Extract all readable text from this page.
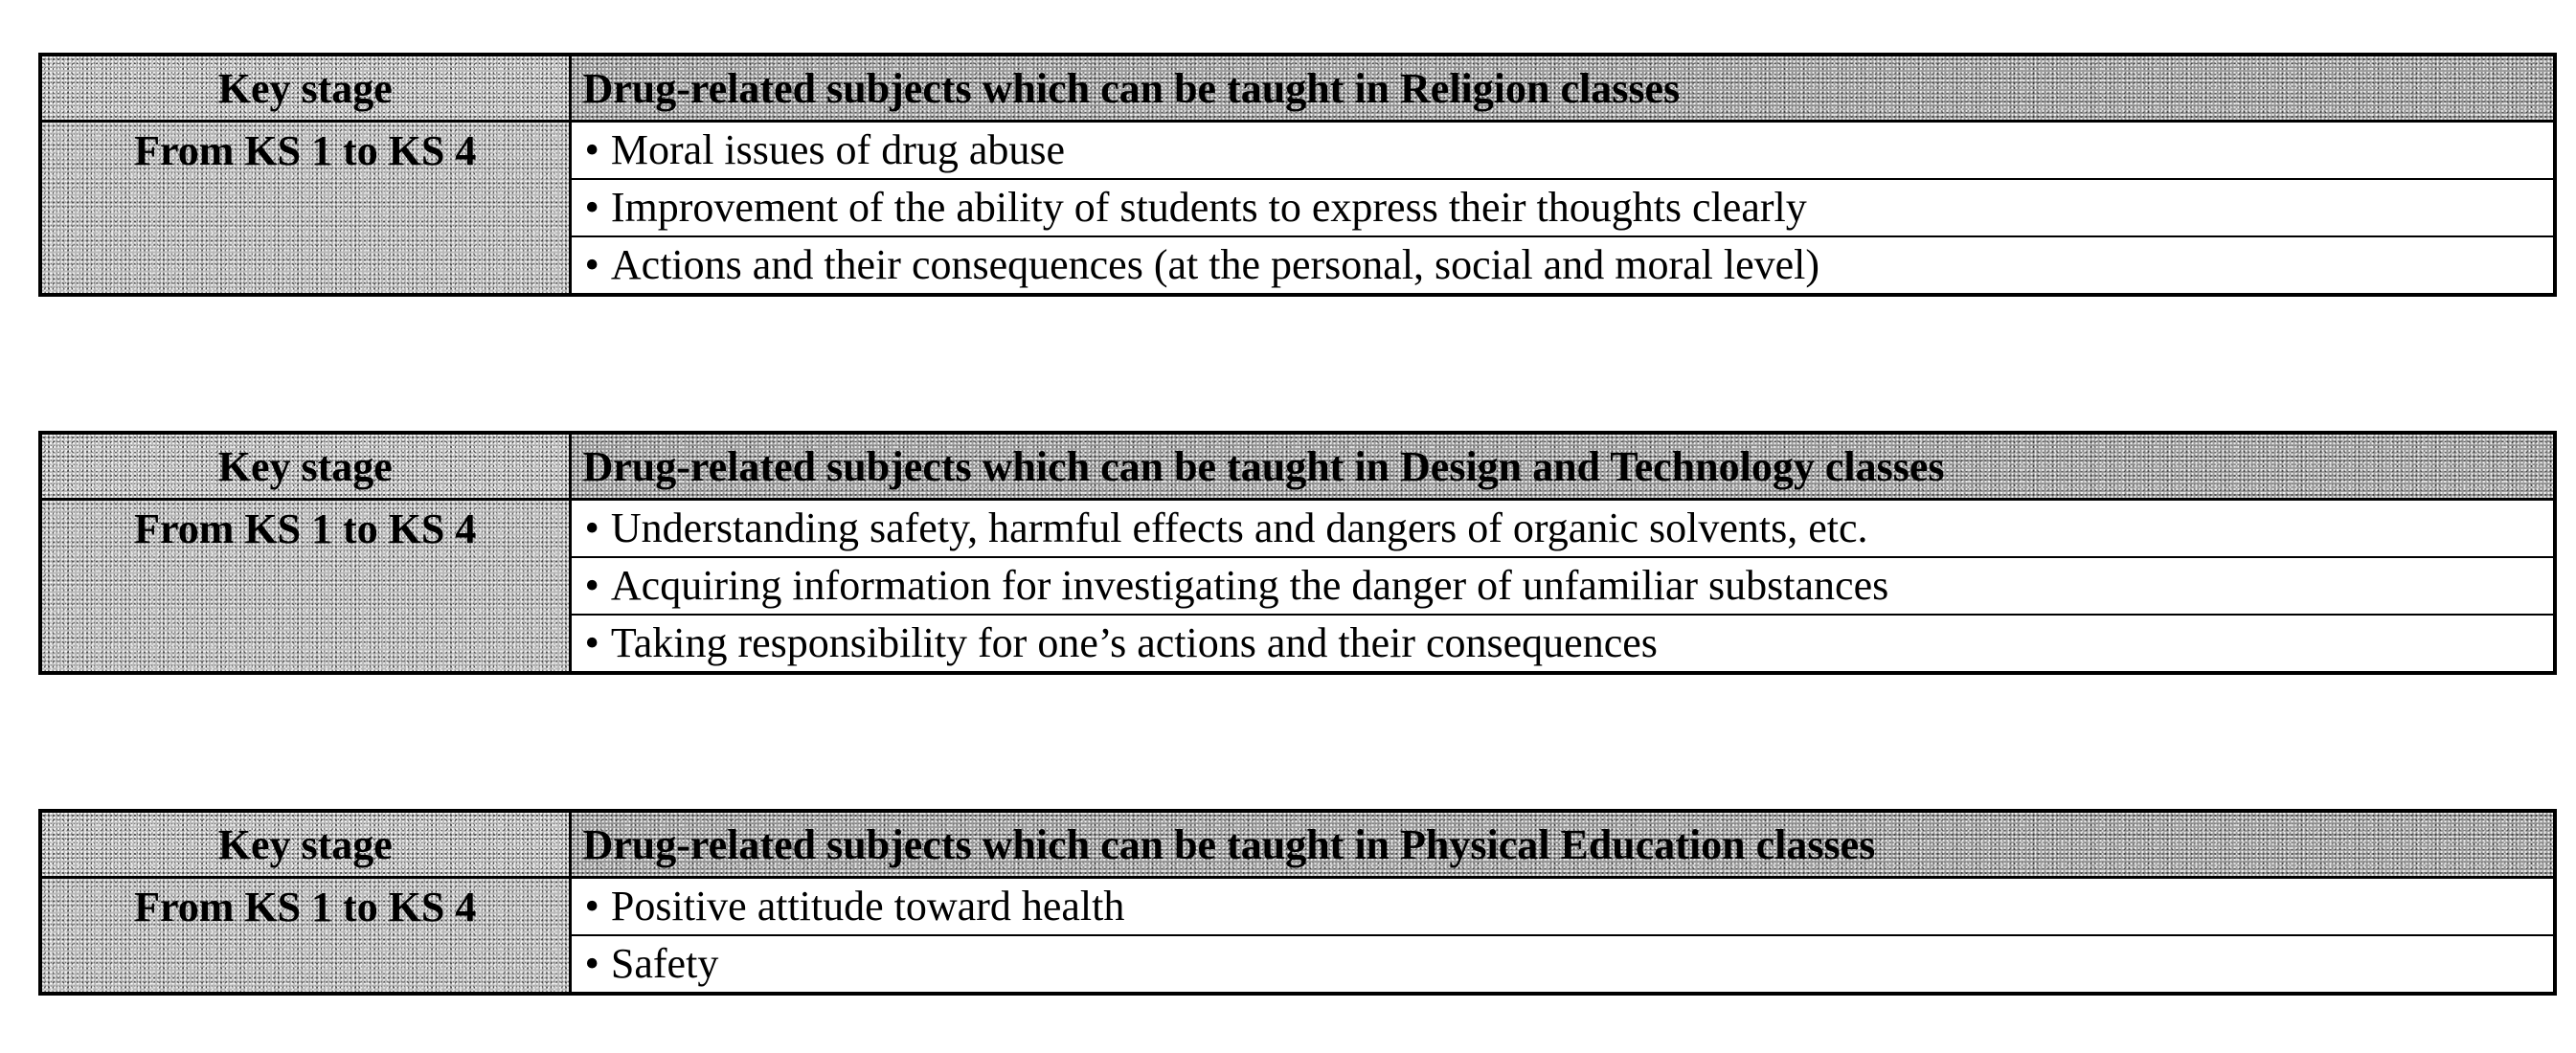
Key stage	Drug-related subjects which can be taught in Religion classes

From KS 1 to KS 4	• Moral issues of drug abuse
• Improvement of the ability of students to express their thoughts clearly
• Actions and their consequences (at the personal, social and moral level)
Key stage	Drug-related subjects which can be taught in Design and Technology classes

From KS 1 to KS 4	• Understanding safety, harmful effects and dangers of organic solvents, etc.
• Acquiring information for investigating the danger of unfamiliar substances
• Taking responsibility for one’s actions and their consequences
Key stage	Drug-related subjects which can be taught in Physical Education classes

From KS 1 to KS 4	• Positive attitude toward health
• Safety
